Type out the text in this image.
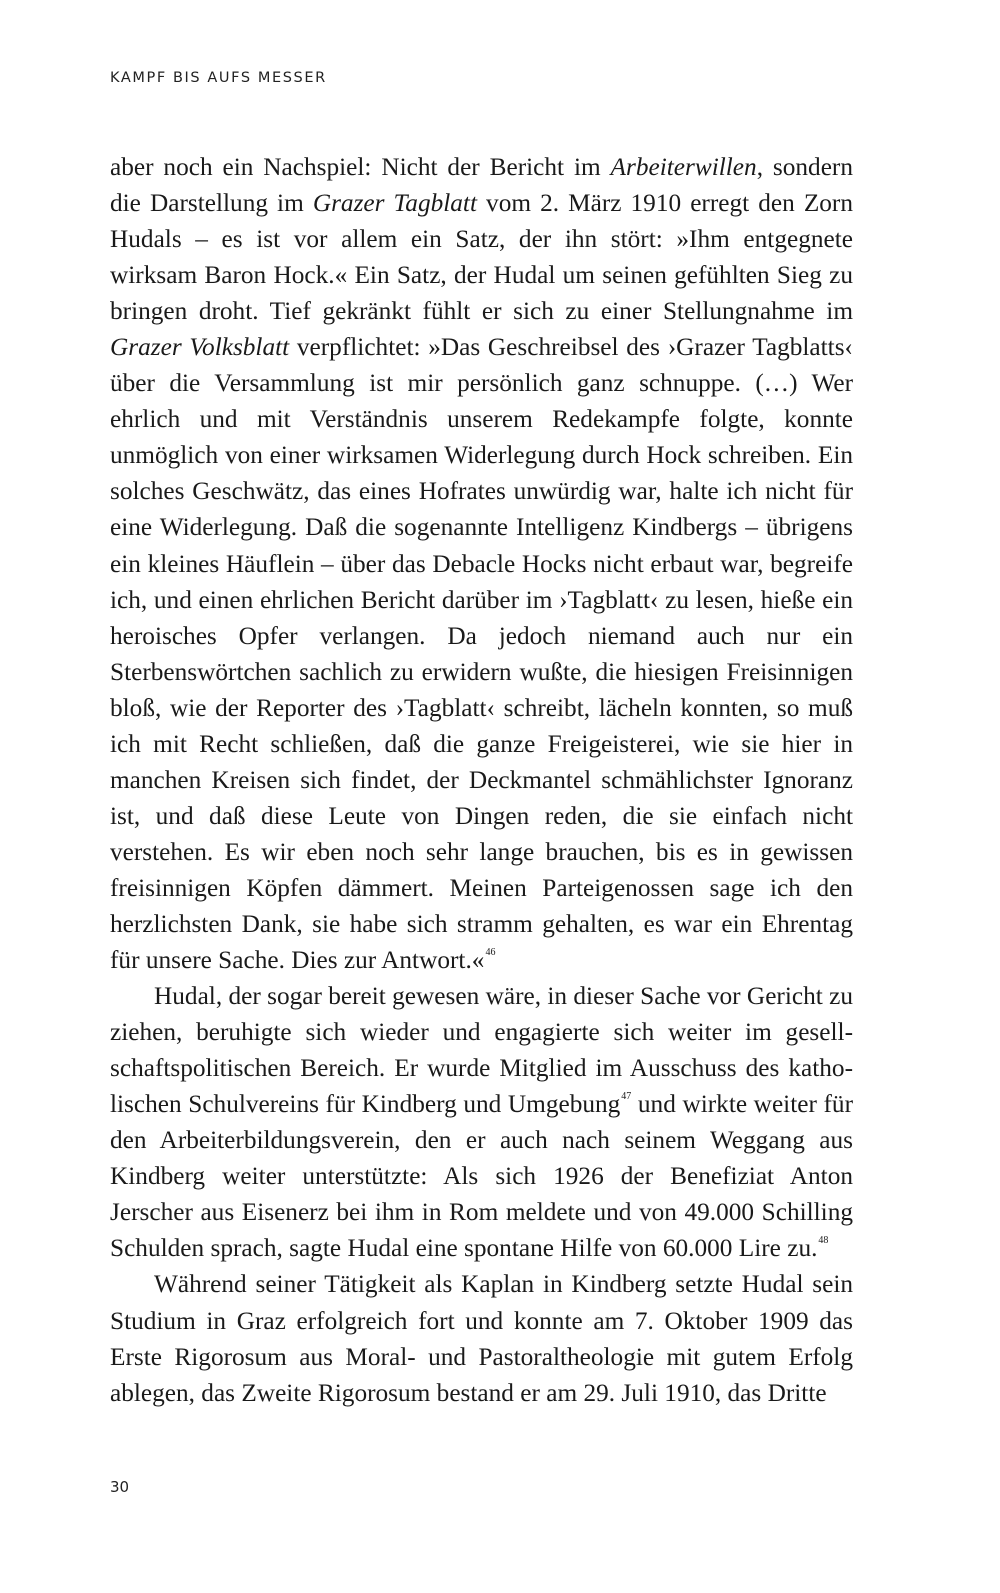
KAMPF BIS AUFS MESSER

aber noch ein Nachspiel: Nicht der Bericht im Arbeiterwillen, sondern die Darstellung im Grazer Tagblatt vom 2. März 1910 erregt den Zorn Hudals – es ist vor allem ein Satz, der ihn stört: »Ihm entgegnete wirksam Baron Hock.« Ein Satz, der Hudal um seinen gefühlten Sieg zu bringen droht. Tief gekränkt fühlt er sich zu einer Stellungnahme im Grazer Volksblatt verpflichtet: »Das Geschreibsel des ›Grazer Tagblatts‹ über die Versammlung ist mir persönlich ganz schnuppe. (…) Wer ehrlich und mit Verständnis unserem Redekampfe folgte, konnte unmöglich von einer wirksamen Widerlegung durch Hock schreiben. Ein solches Geschwätz, das eines Hofrates unwürdig war, halte ich nicht für eine Widerlegung. Daß die sogenannte Intelligenz Kindbergs – übrigens ein kleines Häuflein – über das Debacle Hocks nicht erbaut war, begreife ich, und einen ehrlichen Bericht darüber im ›Tagblatt‹ zu lesen, hieße ein heroisches Opfer verlangen. Da jedoch niemand auch nur ein Sterbenswörtchen sachlich zu erwidern wußte, die hiesigen Freisinnigen bloß, wie der Reporter des ›Tagblatt‹ schreibt, lächeln konnten, so muß ich mit Recht schließen, daß die ganze Freigeisterei, wie sie hier in manchen Kreisen sich findet, der Deckmantel schmählichster Ignoranz ist, und daß diese Leute von Dingen reden, die sie einfach nicht verstehen. Es wir eben noch sehr lange brauchen, bis es in gewissen freisinnigen Köpfen dämmert. Meinen Parteigenossen sage ich den herzlichsten Dank, sie habe sich stramm gehalten, es war ein Ehrentag für unsere Sache. Dies zur Antwort.«$^{46}$

Hudal, der sogar bereit gewesen wäre, in dieser Sache vor Gericht zu ziehen, beruhigte sich wieder und engagierte sich weiter im gesellschaftspolitischen Bereich. Er wurde Mitglied im Ausschuss des katholischen Schulvereins für Kindberg und Umgebung$^{47}$ und wirkte weiter für den Arbeiterbildungsverein, den er auch nach seinem Weggang aus Kindberg weiter unterstützte: Als sich 1926 der Benefiziat Anton Jerscher aus Eisenerz bei ihm in Rom meldete und von 49.000 Schilling Schulden sprach, sagte Hudal eine spontane Hilfe von 60.000 Lire zu.$^{48}$

Während seiner Tätigkeit als Kaplan in Kindberg setzte Hudal sein Studium in Graz erfolgreich fort und konnte am 7. Oktober 1909 das Erste Rigorosum aus Moral- und Pastoraltheologie mit gutem Erfolg ablegen, das Zweite Rigorosum bestand er am 29. Juli 1910, das Dritte

30
